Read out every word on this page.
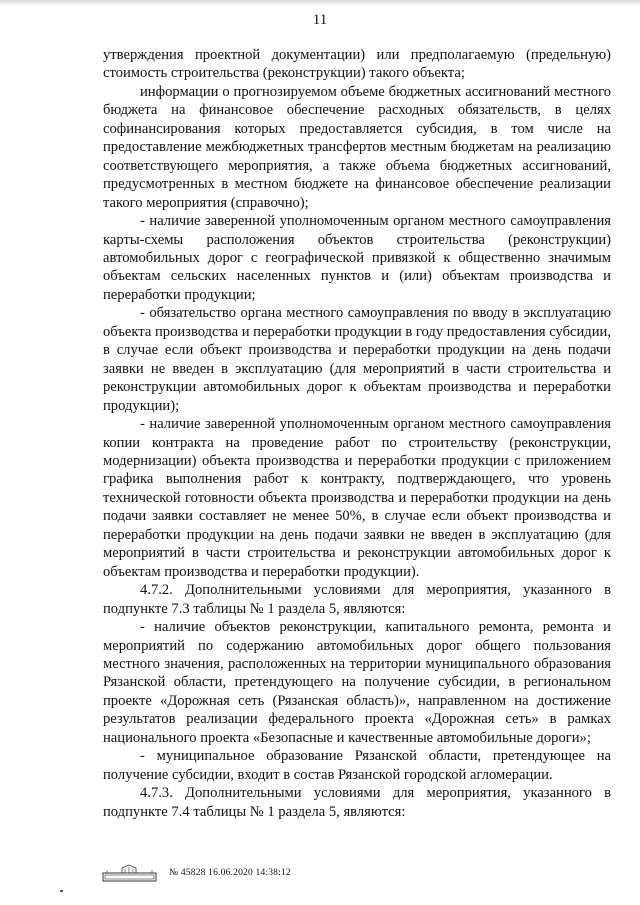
11

утверждения проектной документации) или предполагаемую (предельную) стоимость строительства (реконструкции) такого объекта;

информации о прогнозируемом объеме бюджетных ассигнований местного бюджета на финансовое обеспечение расходных обязательств, в целях софинансирования которых предоставляется субсидия, в том числе на предоставление межбюджетных трансфертов местным бюджетам на реализацию соответствующего мероприятия, а также объема бюджетных ассигнований, предусмотренных в местном бюджете на финансовое обеспечение реализации такого мероприятия (справочно);

- наличие заверенной уполномоченным органом местного самоуправления карты-схемы расположения объектов строительства (реконструкции) автомобильных дорог с географической привязкой к общественно значимым объектам сельских населенных пунктов и (или) объектам производства и переработки продукции;

- обязательство органа местного самоуправления по вводу в эксплуатацию объекта производства и переработки продукции в году предоставления субсидии, в случае если объект производства и переработки продукции на день подачи заявки не введен в эксплуатацию (для мероприятий в части строительства и реконструкции автомобильных дорог к объектам производства и переработки продукции);

- наличие заверенной уполномоченным органом местного самоуправления копии контракта на проведение работ по строительству (реконструкции, модернизации) объекта производства и переработки продукции с приложением графика выполнения работ к контракту, подтверждающего, что уровень технической готовности объекта производства и переработки продукции на день подачи заявки составляет не менее 50%, в случае если объект производства и переработки продукции на день подачи заявки не введен в эксплуатацию (для мероприятий в части строительства и реконструкции автомобильных дорог к объектам производства и переработки продукции).

4.7.2. Дополнительными условиями для мероприятия, указанного в подпункте 7.3 таблицы № 1 раздела 5, являются:

- наличие объектов реконструкции, капитального ремонта, ремонта и мероприятий по содержанию автомобильных дорог общего пользования местного значения, расположенных на территории муниципального образования Рязанской области, претендующего на получение субсидии, в региональном проекте «Дорожная сеть (Рязанская область)», направленном на достижение результатов реализации федерального проекта «Дорожная сеть» в рамках национального проекта «Безопасные и качественные автомобильные дороги»;

- муниципальное образование Рязанской области, претендующее на получение субсидии, входит в состав Рязанской городской агломерации.

4.7.3. Дополнительными условиями для мероприятия, указанного в подпункте 7.4 таблицы № 1 раздела 5, являются:

№ 45828 16.06.2020 14:38:12
